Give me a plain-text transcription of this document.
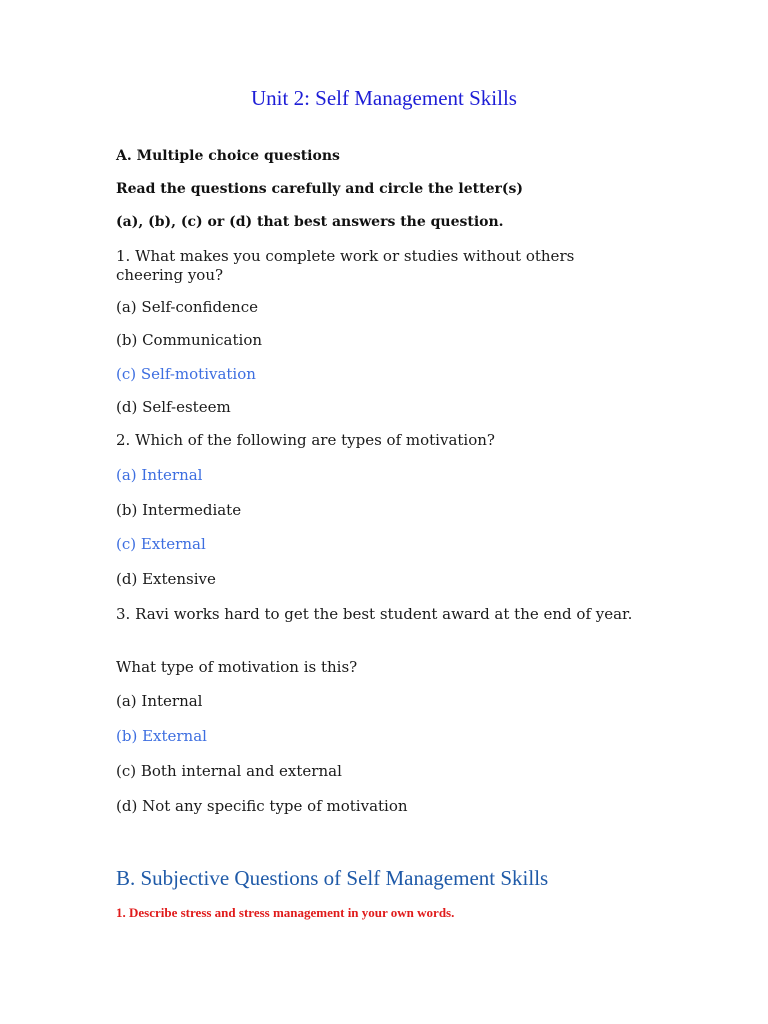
Unit 2: Self Management Skills

A. Multiple choice questions

Read the questions carefully and circle the letter(s)

(a), (b), (c) or (d) that best answers the question.

1. What makes you complete work or studies without others cheering you?

(a) Self-confidence

(b) Communication

(c) Self-motivation

(d) Self-esteem

2. Which of the following are types of motivation?

(a) Internal

(b) Intermediate

(c) External

(d) Extensive

3. Ravi works hard to get the best student award at the end of year.

What type of motivation is this?

(a) Internal

(b) External

(c) Both internal and external

(d) Not any specific type of motivation

B. Subjective Questions of Self Management Skills

1. Describe stress and stress management in your own words.
